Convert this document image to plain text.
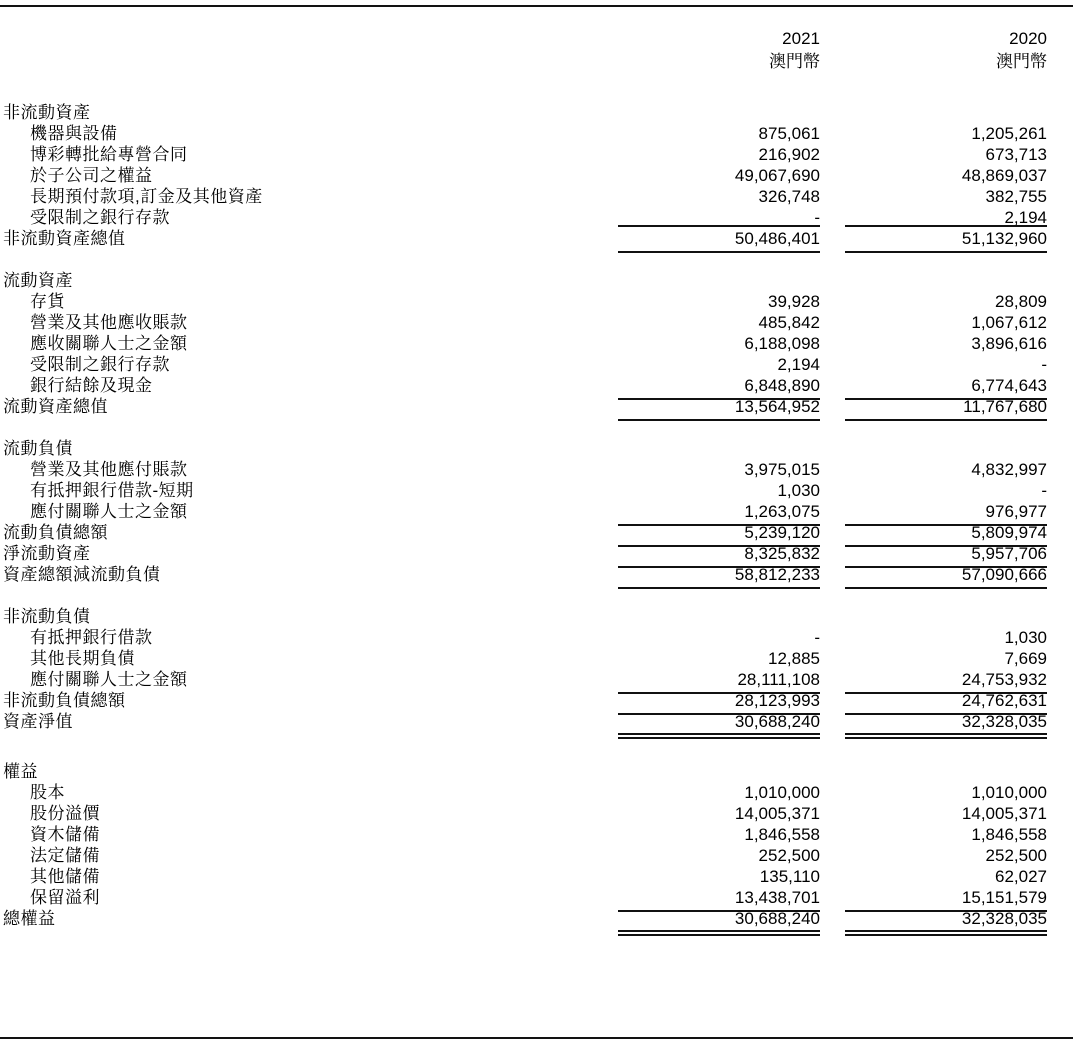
	2021	2020
	澳門幣	澳門幣

非流動資產		
機器與設備	875,061	1,205,261
博彩轉批給專營合同	216,902	673,713
於子公司之權益	49,067,690	48,869,037
長期預付款項,訂金及其他資產	326,748	382,755
受限制之銀行存款	-	2,194
非流動資產總值	50,486,401	51,132,960

流動資產		
存貨	39,928	28,809
營業及其他應收賬款	485,842	1,067,612
應收關聯人士之金額	6,188,098	3,896,616
受限制之銀行存款	2,194	-
銀行結餘及現金	6,848,890	6,774,643
流動資產總值	13,564,952	11,767,680

流動負債		
營業及其他應付賬款	3,975,015	4,832,997
有抵押銀行借款-短期	1,030	-
應付關聯人士之金額	1,263,075	976,977
流動負債總額	5,239,120	5,809,974
淨流動資產	8,325,832	5,957,706
資產總額減流動負債	58,812,233	57,090,666

非流動負債		
有抵押銀行借款	-	1,030
其他長期負債	12,885	7,669
應付關聯人士之金額	28,111,108	24,753,932
非流動負債總額	28,123,993	24,762,631
資產淨值	30,688,240	32,328,035

權益		
股本	1,010,000	1,010,000
股份溢價	14,005,371	14,005,371
資木儲備	1,846,558	1,846,558
法定儲備	252,500	252,500
其他儲備	135,110	62,027
保留溢利	13,438,701	15,151,579
總權益	30,688,240	32,328,035
